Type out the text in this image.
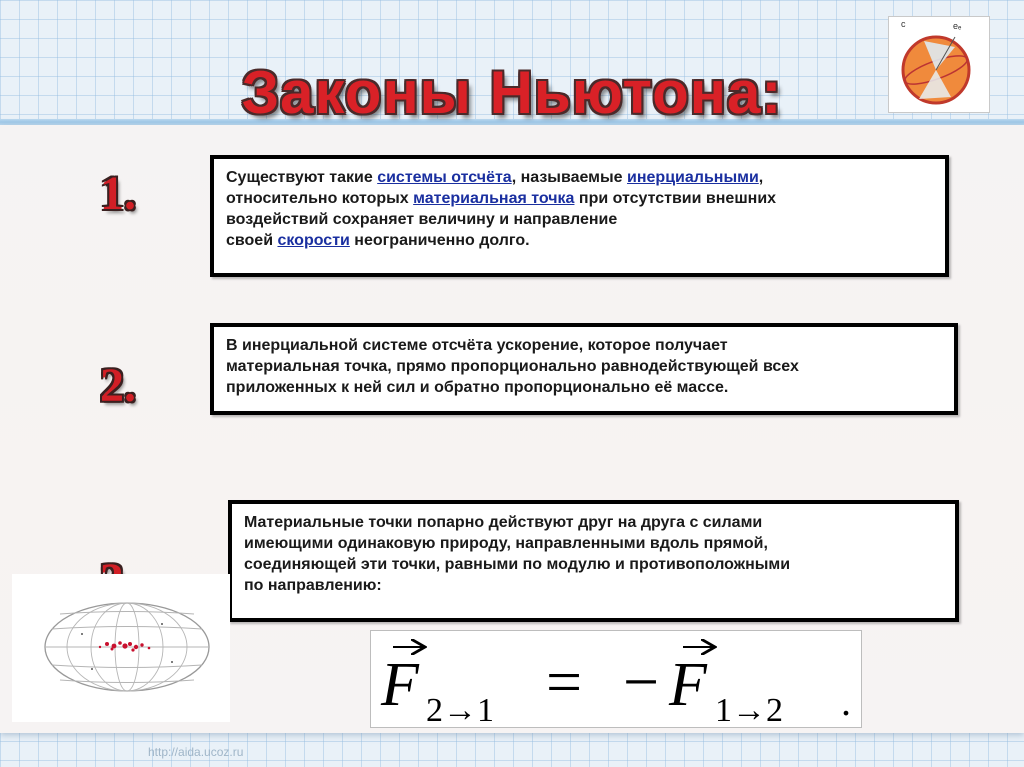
http://aida.ucoz.ru
Законы Ньютона:
c	eₑ
1.
2.
Существуют такие системы отсчёта, называемые инерциальными,
относительно которых материальная точка при отсутствии внешних
воздействий сохраняет величину и направление
своей скорости неограниченно долго.
В инерциальной системе отсчёта ускорение, которое получает
материальная точка, прямо пропорционально равнодействующей всех
приложенных к ней сил и обратно пропорционально её массе.
Материальные точки попарно действуют друг на друга с силами
имеющими одинаковую природу, направленными вдоль прямой,
соединяющей эти точки, равными по модулю и противоположными
по направлению:
F 2→1 = − F 1→2 .
